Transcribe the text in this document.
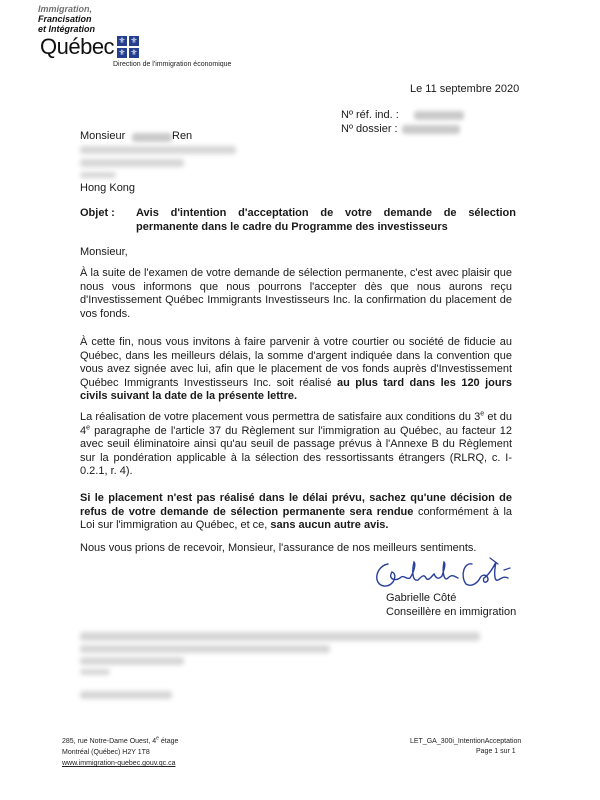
Immigration,
Francisation
et Intégration
Québec ⚜ ⚜
⚜ ⚜
Direction de l'immigration économique
Le 11 septembre 2020
Nº réf. ind. :
Nº dossier :
Monsieur	Ren
Hong Kong
Objet : Avis d'intention d'acceptation de votre demande de sélection permanente dans le cadre du Programme des investisseurs
Monsieur,
À la suite de l'examen de votre demande de sélection permanente, c'est avec plaisir que nous vous informons que nous pourrons l'accepter dès que nous aurons reçu d'Investissement Québec Immigrants Investisseurs Inc. la confirmation du placement de vos fonds.
À cette fin, nous vous invitons à faire parvenir à votre courtier ou société de fiducie au Québec, dans les meilleurs délais, la somme d'argent indiquée dans la convention que vous avez signée avec lui, afin que le placement de vos fonds auprès d'Investissement Québec Immigrants Investisseurs Inc. soit réalisé au plus tard dans les 120 jours civils suivant la date de la présente lettre.
La réalisation de votre placement vous permettra de satisfaire aux conditions du 3e et du 4e paragraphe de l'article 37 du Règlement sur l'immigration au Québec, au facteur 12 avec seuil éliminatoire ainsi qu'au seuil de passage prévus à l'Annexe B du Règlement sur la pondération applicable à la sélection des ressortissants étrangers (RLRQ, c. I-0.2.1, r. 4).
Si le placement n'est pas réalisé dans le délai prévu, sachez qu'une décision de refus de votre demande de sélection permanente sera rendue conformément à la Loi sur l'immigration au Québec, et ce, sans aucun autre avis.
Nous vous prions de recevoir, Monsieur, l'assurance de nos meilleurs sentiments.
Gabrielle Côté
Conseillère en immigration
285, rue Notre-Dame Ouest, 4e étage
Montréal (Québec) H2Y 1T8
www.immigration-quebec.gouv.qc.ca
LET_GA_300i_IntentionAcceptation
Page 1 sur 1
